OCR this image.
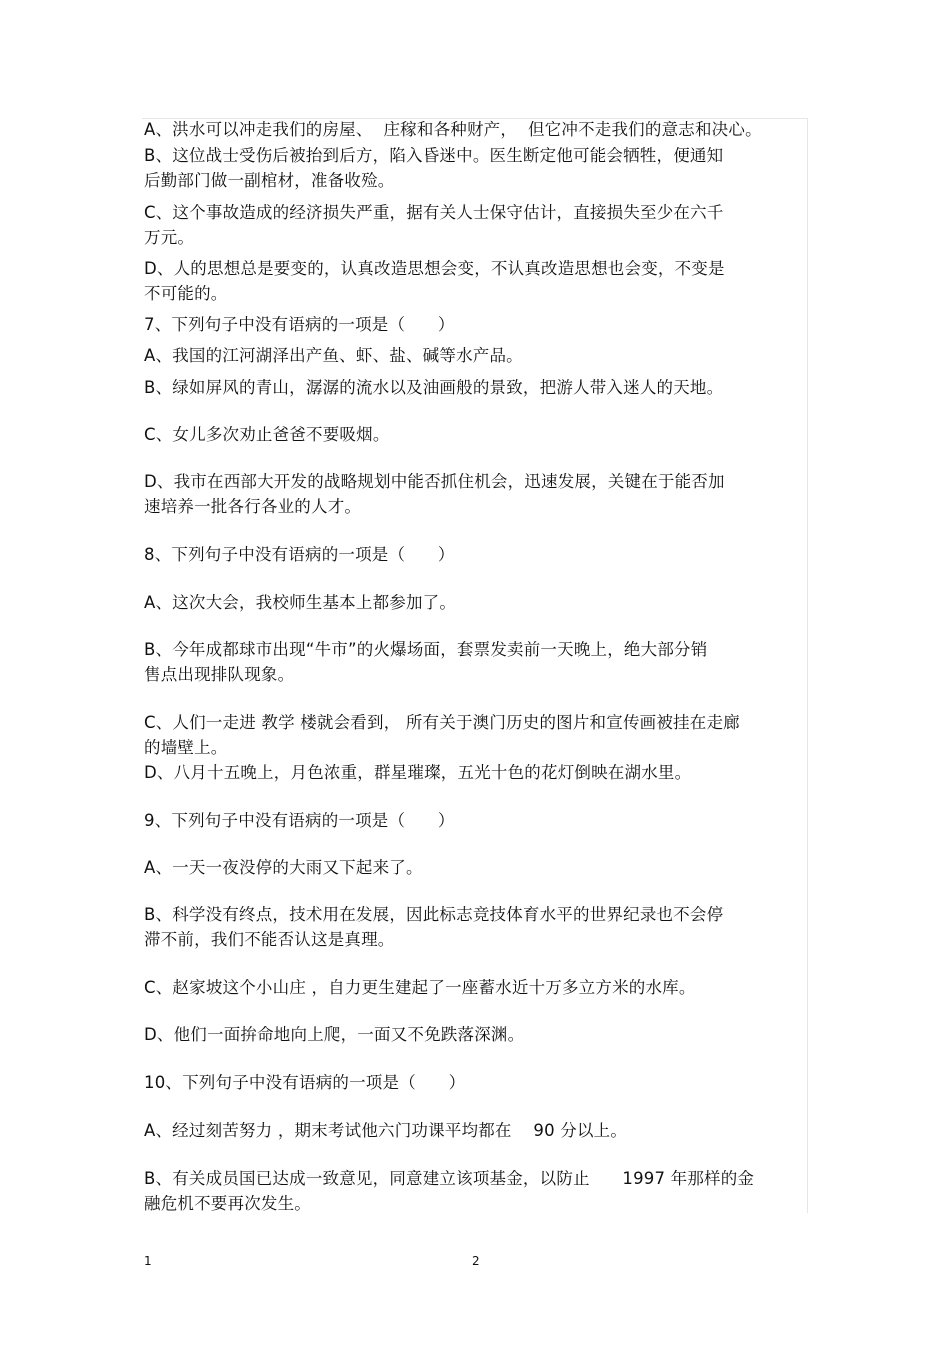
A、洪水可以冲走我们的房屋、  庄稼和各种财产，  但它冲不走我们的意志和决心。
B、这位战士受伤后被抬到后方，陷入昏迷中。医生断定他可能会牺牲，便通知
后勤部门做一副棺材，准备收殓。
C、这个事故造成的经济损失严重，据有关人士保守估计，直接损失至少在六千
万元。
D、人的思想总是要变的，认真改造思想会变，不认真改造思想也会变，不变是
不可能的。
7、下列句子中没有语病的一项是（      ）
A、我国的江河湖泽出产鱼、虾、盐、碱等水产品。
B、绿如屏风的青山，潺潺的流水以及油画般的景致，把游人带入迷人的天地。
C、女儿多次劝止爸爸不要吸烟。
D、我市在西部大开发的战略规划中能否抓住机会，迅速发展，关键在于能否加
速培养一批各行各业的人才。
8、下列句子中没有语病的一项是（      ）
A、这次大会，我校师生基本上都参加了。
B、今年成都球市出现“牛市”的火爆场面，套票发卖前一天晚上，绝大部分销
售点出现排队现象。
C、人们一走进 教学 楼就会看到， 所有关于澳门历史的图片和宣传画被挂在走廊
的墙壁上。
D、八月十五晚上，月色浓重，群星璀璨，五光十色的花灯倒映在湖水里。
9、下列句子中没有语病的一项是（      ）
A、一天一夜没停的大雨又下起来了。
B、科学没有终点，技术用在发展，因此标志竞技体育水平的世界纪录也不会停
滞不前，我们不能否认这是真理。
C、赵家坡这个小山庄 ，自力更生建起了一座蓄水近十万多立方米的水库。
D、他们一面拚命地向上爬，一面又不免跌落深渊。
10、下列句子中没有语病的一项是（      ）
A、经过刻苦努力 ，期末考试他六门功课平均都在    90 分以上。
B、有关成员国已达成一致意见，同意建立该项基金，以防止      1997 年那样的金
融危机不要再次发生。
1	2
